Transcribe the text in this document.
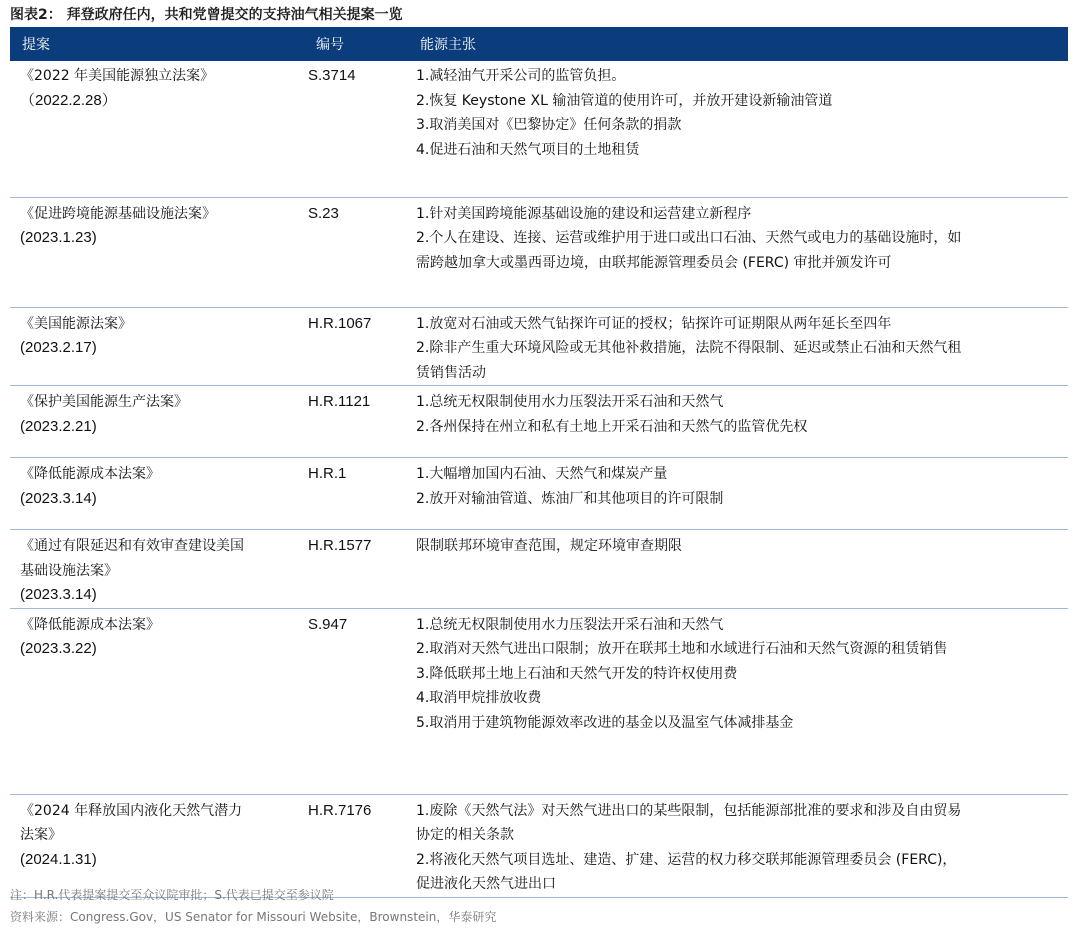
图表2： 拜登政府任内，共和党曾提交的支持油气相关提案一览
提案	编号	能源主张

《2022 年美国能源独立法案》
（2022.2.28）	S.3714	1.减轻油气开采公司的监管负担。
2.恢复 Keystone XL 输油管道的使用许可，并放开建设新输油管道
3.取消美国对《巴黎协定》任何条款的捐款
4.促进石油和天然气项目的土地租赁

《促进跨境能源基础设施法案》
(2023.1.23)	S.23	1.针对美国跨境能源基础设施的建设和运营建立新程序
2.个人在建设、连接、运营或维护用于进口或出口石油、天然气或电力的基础设施时，如
需跨越加拿大或墨西哥边境，由联邦能源管理委员会 (FERC) 审批并颁发许可

《美国能源法案》
(2023.2.17)	H.R.1067	1.放宽对石油或天然气钻探许可证的授权；钻探许可证期限从两年延长至四年
2.除非产生重大环境风险或无其他补救措施，法院不得限制、延迟或禁止石油和天然气租
赁销售活动

《保护美国能源生产法案》
(2023.2.21)	H.R.1121	1.总统无权限制使用水力压裂法开采石油和天然气
2.各州保持在州立和私有土地上开采石油和天然气的监管优先权

《降低能源成本法案》
(2023.3.14)	H.R.1	1.大幅增加国内石油、天然气和煤炭产量
2.放开对输油管道、炼油厂和其他项目的许可限制

《通过有限延迟和有效审查建设美国
基础设施法案》
(2023.3.14)	H.R.1577	限制联邦环境审查范围，规定环境审查期限

《降低能源成本法案》
(2023.3.22)	S.947	1.总统无权限制使用水力压裂法开采石油和天然气
2.取消对天然气进出口限制；放开在联邦土地和水域进行石油和天然气资源的租赁销售
3.降低联邦土地上石油和天然气开发的特许权使用费
4.取消甲烷排放收费
5.取消用于建筑物能源效率改进的基金以及温室气体减排基金

《2024 年释放国内液化天然气潜力
法案》
(2024.1.31)	H.R.7176	1.废除《天然气法》对天然气进出口的某些限制，包括能源部批准的要求和涉及自由贸易
协定的相关条款
2.将液化天然气项目选址、建造、扩建、运营的权力移交联邦能源管理委员会 (FERC)，
促进液化天然气进出口
注：H.R.代表提案提交至众议院审批；S.代表已提交至参议院
资料来源：Congress.Gov，US Senator for Missouri Website，Brownstein，华泰研究
